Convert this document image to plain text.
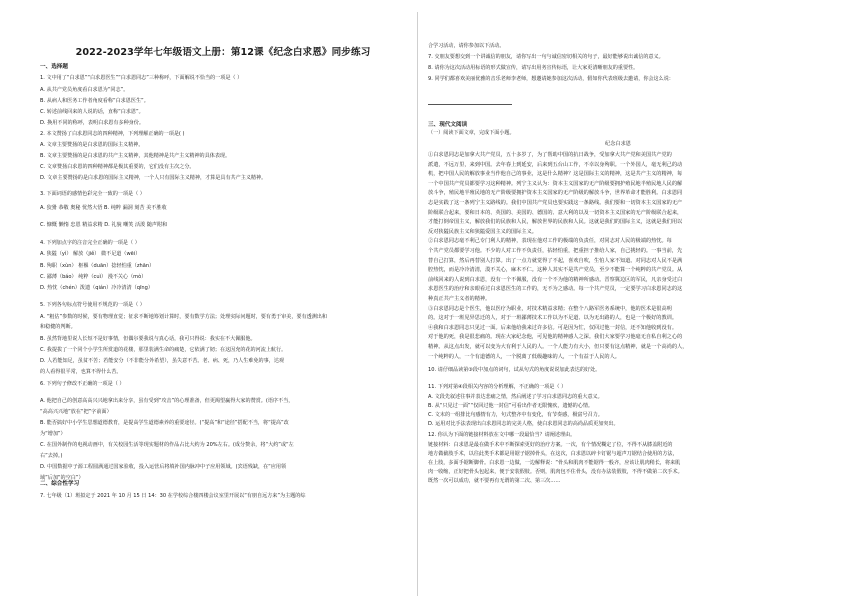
2022-2023学年七年级语文上册：第12课《纪念白求恩》同步练习
一、选择题
1. 文中用了“白求恩”“白求恩医生”“白求恩同志”三种称呼，下面解说不恰当的一项是（ ）
A. 从共产党员角度看白求恩为“同志”。
B. 从病人和医务工作者角度看称“白求恩医生”。
C. 转述前线回来的人说的话，直称“白求恩”。
D. 换用不同的称呼，表明白求恩有多种身份。
2. 本文赞扬了白求恩同志的四种精神，下列理解正确的一项是( )
A. 文章主要赞扬的是白求恩的国际主义精神。
B. 文章主要赞扬的是白求恩的共产主义精神，其他精神是共产主义精神的具体表现。
C. 文章赞扬白求恩的四种精神都是极其重要的，它们没有主次之分。
D. 文章主要赞扬的是白求恩的国际主义精神，一个人只有国际主义精神，才算是具有共产主义精神。
3. 下面词语的感情色彩完全一致的一项是（ ）
A. 狡猾 恭敬 奥秘 忧然大悟 B. 纯粹 漏洞 刻苦 美不胜收
C. 慷慨 懒惰 忠恩 精益求精 D. 礼貌 嘲笑 活泼 随声附和
4. 下列加点字的注音完全正确的一项是（ ）
A. 狭隘（yì） 解放（jiě） 微不足道（wēi）
B. 殉职（xùn） 枢褓（duān）捻轻怕重（zhān）
C. 鄙薄（báo） 纯粹（cuì） 漫不关心（mò）
D. 热忱（chén）泼遗（qián）冷冷清清（qīng）
5. 下列各句标点符号使用不规范的一项是（ ）
A. “粗估”参数的时候，要有物理直觉；征求不断地筹划计算时，要有数学方法；处理实际问题时，要有勇于审美，要有透测出和
和稳健的判断。
B. 虽然背地里说人长短不是好事情，但偶尔要我说与真心话，我可只得说：我实在不大佩服他。
C. 我提拔了一个同个小学生所赏道的花楼，那里装满生命的痛楚，它依满了韧；在这因充的花的河流上航行。
D. 人若能知足，虽贫不苦；若能安分（不非能分外希望），虽失意不苦。老、病、死，乃人生难免的事，达观
的人看得很平常，也算不得什么苦。
6. 下列句子修改不正确的一项是（ ）
A. 他把自己的创意高高兴兴地拿出来分享，虽有受到“攻击”的心理准备，但更渴望赢得大家的赞赏。(语序不当，
“高高兴兴地”放在“把”字前面）
B. 能否搞好中小学生思想道德教育，是提高学生道德素养的重要途径。(“提高”和“途径”搭配不当，将“提高”改
为“增加”）
C. 在国外制作的电视动画中，有关校园生活等现实题材的作品占比大约为 20%左右。(成分赘余，将“大约”或“左
右”去掉。)
D. 中国数据中子源工程圆满通过国家验收，投入运营后将填补国内脉冲中子应用领域。(宾语残缺，在“应用领
域”后加“的空白”）
7. 七年级（1）班拟定于 2021 年 10 月 15 日 14：30 在学校综合楼四楼会议室里开展以“有朋自远方来”为主题的综
二、综合性学习
合学习活动，请你参加以下活动。
7. 交朋友要想交到一个讲诚信的朋友，请你写出一句与诚信密切相关的句子，最好能够说出诚信的意义。
8. 请你为这次活动用标语的形式做宣传，请写出用务宣传标语，让大家更清晰朋友的重要性。
9. 同学们都喜欢美丽优雅的音乐老师李老师，想邀请她参加这次活动，假如你代表班级去邀请，你会这么说：
三、现代文阅读
（一）阅读下面文章，完成下面小题。
纪念白求恩
①白求恩同志是加拿大共产党员，五十多岁了，为了帮助中国的抗日战争，受加拿大共产党和美国共产党的
派遣，不远万里，来到中国。去年春上到延安，后来到五台山工作，不幸以身殉职。一个外国人，毫无利己的动
机，把中国人民的解放事业当作他自己的事业，这是什么精神？这是国际主义的精神，这是共产主义的精神，每
一个中国共产党员都要学习这种精神。列宁主义认为：资本主义国家的无产阶级要拥护殖民地半殖民地人民的解
放斗争，殖民地半殖民地的无产阶级要拥护资本主义国家的无产阶级的解放斗争，世界革命才能胜利。白求恩同
志是实践了这一条列宁主义路线的。我们中国共产党员也要实践这一条路线。我们要和一切资本主义国家的无产
阶级联合起来，要和日本的、英国的、美国的、德国的、意大利的以及一切资本主义国家的无产阶级联合起来，
才能打倒帝国主义，解放我们的民族和人民，解放世界的民族和人民。这就是我们的国际主义，这就是我们用以
反对狭隘民族主义和狭隘爱国主义的国际主义。
②白求恩同志毫不利己专门利人的精神，表现在他对工作的极端的负责任，对同志对人民的极端的热忱。每
个共产党员都要学习他。不少的人对工作不负责任，拈轻怕重，把重担子推给人家，自己挑轻的。一事当前，先
替自己打算，然后再替别人打算。出了一点力就觉得了不起，喜欢自吹，生怕人家不知道。对同志对人民不是满
腔热忱，而是冷冷清清，漠不关心，麻木不仁。这种人其实不是共产党员，至少不能算一个纯粹的共产党员。从
前线回来的人说到白求恩，没有一个不佩服，没有一个不为他的精神所感动。晋察冀边区的军民，凡亲身受过白
求恩医生的治疗和亲眼看过白求恩医生的工作的，无不为之感动。每一个共产党员，一定要学习白求恩同志的这
种真正共产主义者的精神。
③白求恩同志是个医生，他以医疗为职业，对技术精益求精；在整个八路军医务系统中，他的医术是很高明
的。这对于一班见异思迁的人，对于一班鄙薄技术工作以为不足道、以为无出路的人，也是一个极好的教训。
④我和白求恩同志只见过一面。后来他给我来过许多信。可是因为忙，仅回过他一封信，还不知他收到没有。
对于他的死，我是很悲痛的。现在大家纪念他，可见他的精神感人之深。我们大家要学习他毫无自私自利之心的
精神。从这点出发，就可以变为大有利于人民的人。一个人能力有大小，但只要有这点精神，就是一个高尚的人，
一个纯粹的人，一个有道德的人，一个脱离了低级趣味的人，一个有益于人民的人。
10. 请仔细品读第③段中加点的词句，试从句式的角度说说加此表达的好处。
11. 下列对第④段相关内容的分析理解，不正确的一项是（ ）
A. 文段先叙述往事并表达悲痛之情，然后阐述了学习白求恩同志的重大意义。
B. 从“只见过一面”“仅回过他一封信”可看出作者无限愧疚，遗憾的心情。
C. 文末的一组排比句感情有力，句式整齐中有变化，有节奏感，极富号召力。
D. 运用对比手法表现出白求恩同志的完美人格，使白求恩同志的高尚品质更加突出。
12. 你认为下面的链接材料放在文中哪一段最恰当？请阐述理由。
链接材料：白求恩是最在做手术中不断探索更好的治疗方案。一次，有个情况糊定了位，不得不从膝盖附近的
地方做截肢手术，以往此类手术都是用锯子锯掉骨头，在这次，白求恩以碎卡钉锯与超声刀锯结合使用的方法，
在上肢，多面手锯断脚骨。白求恩一边做，一边解释说：“骨头和肌肉不能锯得一般齐，应该让肌肉稍长，将来肌
肉一收缩，正好把骨头包起来，便于安装假肢。否则，肌肉包不住骨头，没有办法装假肢，不得不做第二次手术。
既然一次可以成功，就不要再有无谓的第二次、第三次……
